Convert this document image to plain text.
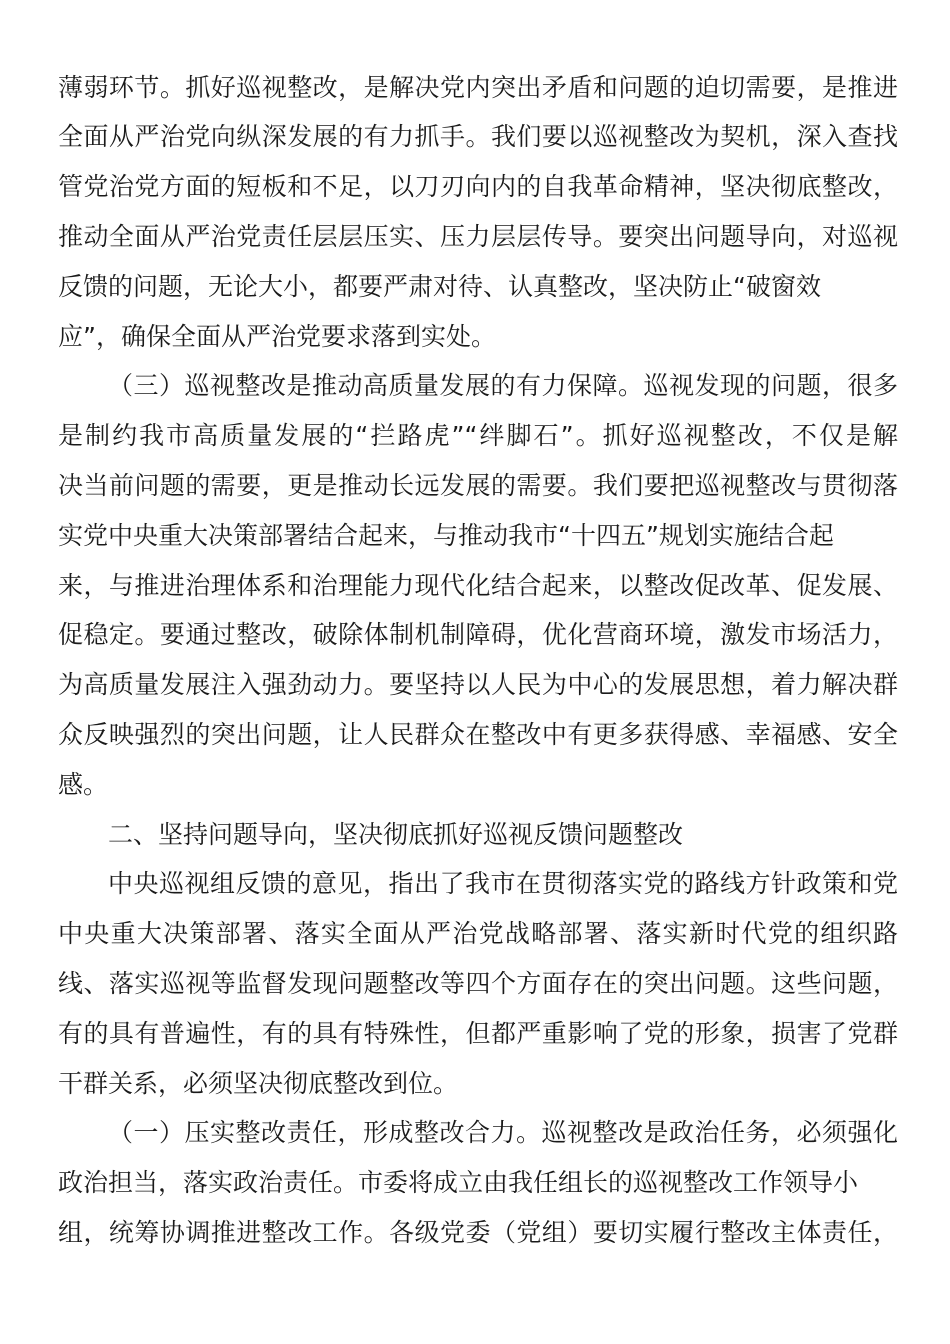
薄弱环节。抓好巡视整改，是解决党内突出矛盾和问题的迫切需要，是推进
全面从严治党向纵深发展的有力抓手。我们要以巡视整改为契机，深入查找
管党治党方面的短板和不足，以刀刃向内的自我革命精神，坚决彻底整改，
推动全面从严治党责任层层压实、压力层层传导。要突出问题导向，对巡视
反馈的问题，无论大小，都要严肃对待、认真整改，坚决防止“破窗效
应”，确保全面从严治党要求落到实处。
（三）巡视整改是推动高质量发展的有力保障。巡视发现的问题，很多
是制约我市高质量发展的“拦路虎”“绊脚石”。抓好巡视整改，不仅是解
决当前问题的需要，更是推动长远发展的需要。我们要把巡视整改与贯彻落
实党中央重大决策部署结合起来，与推动我市“十四五”规划实施结合起
来，与推进治理体系和治理能力现代化结合起来，以整改促改革、促发展、
促稳定。要通过整改，破除体制机制障碍，优化营商环境，激发市场活力，
为高质量发展注入强劲动力。要坚持以人民为中心的发展思想，着力解决群
众反映强烈的突出问题，让人民群众在整改中有更多获得感、幸福感、安全
感。
二、坚持问题导向，坚决彻底抓好巡视反馈问题整改
中央巡视组反馈的意见，指出了我市在贯彻落实党的路线方针政策和党
中央重大决策部署、落实全面从严治党战略部署、落实新时代党的组织路
线、落实巡视等监督发现问题整改等四个方面存在的突出问题。这些问题，
有的具有普遍性，有的具有特殊性，但都严重影响了党的形象，损害了党群
干群关系，必须坚决彻底整改到位。
（一）压实整改责任，形成整改合力。巡视整改是政治任务，必须强化
政治担当，落实政治责任。市委将成立由我任组长的巡视整改工作领导小
组，统筹协调推进整改工作。各级党委（党组）要切实履行整改主体责任，
